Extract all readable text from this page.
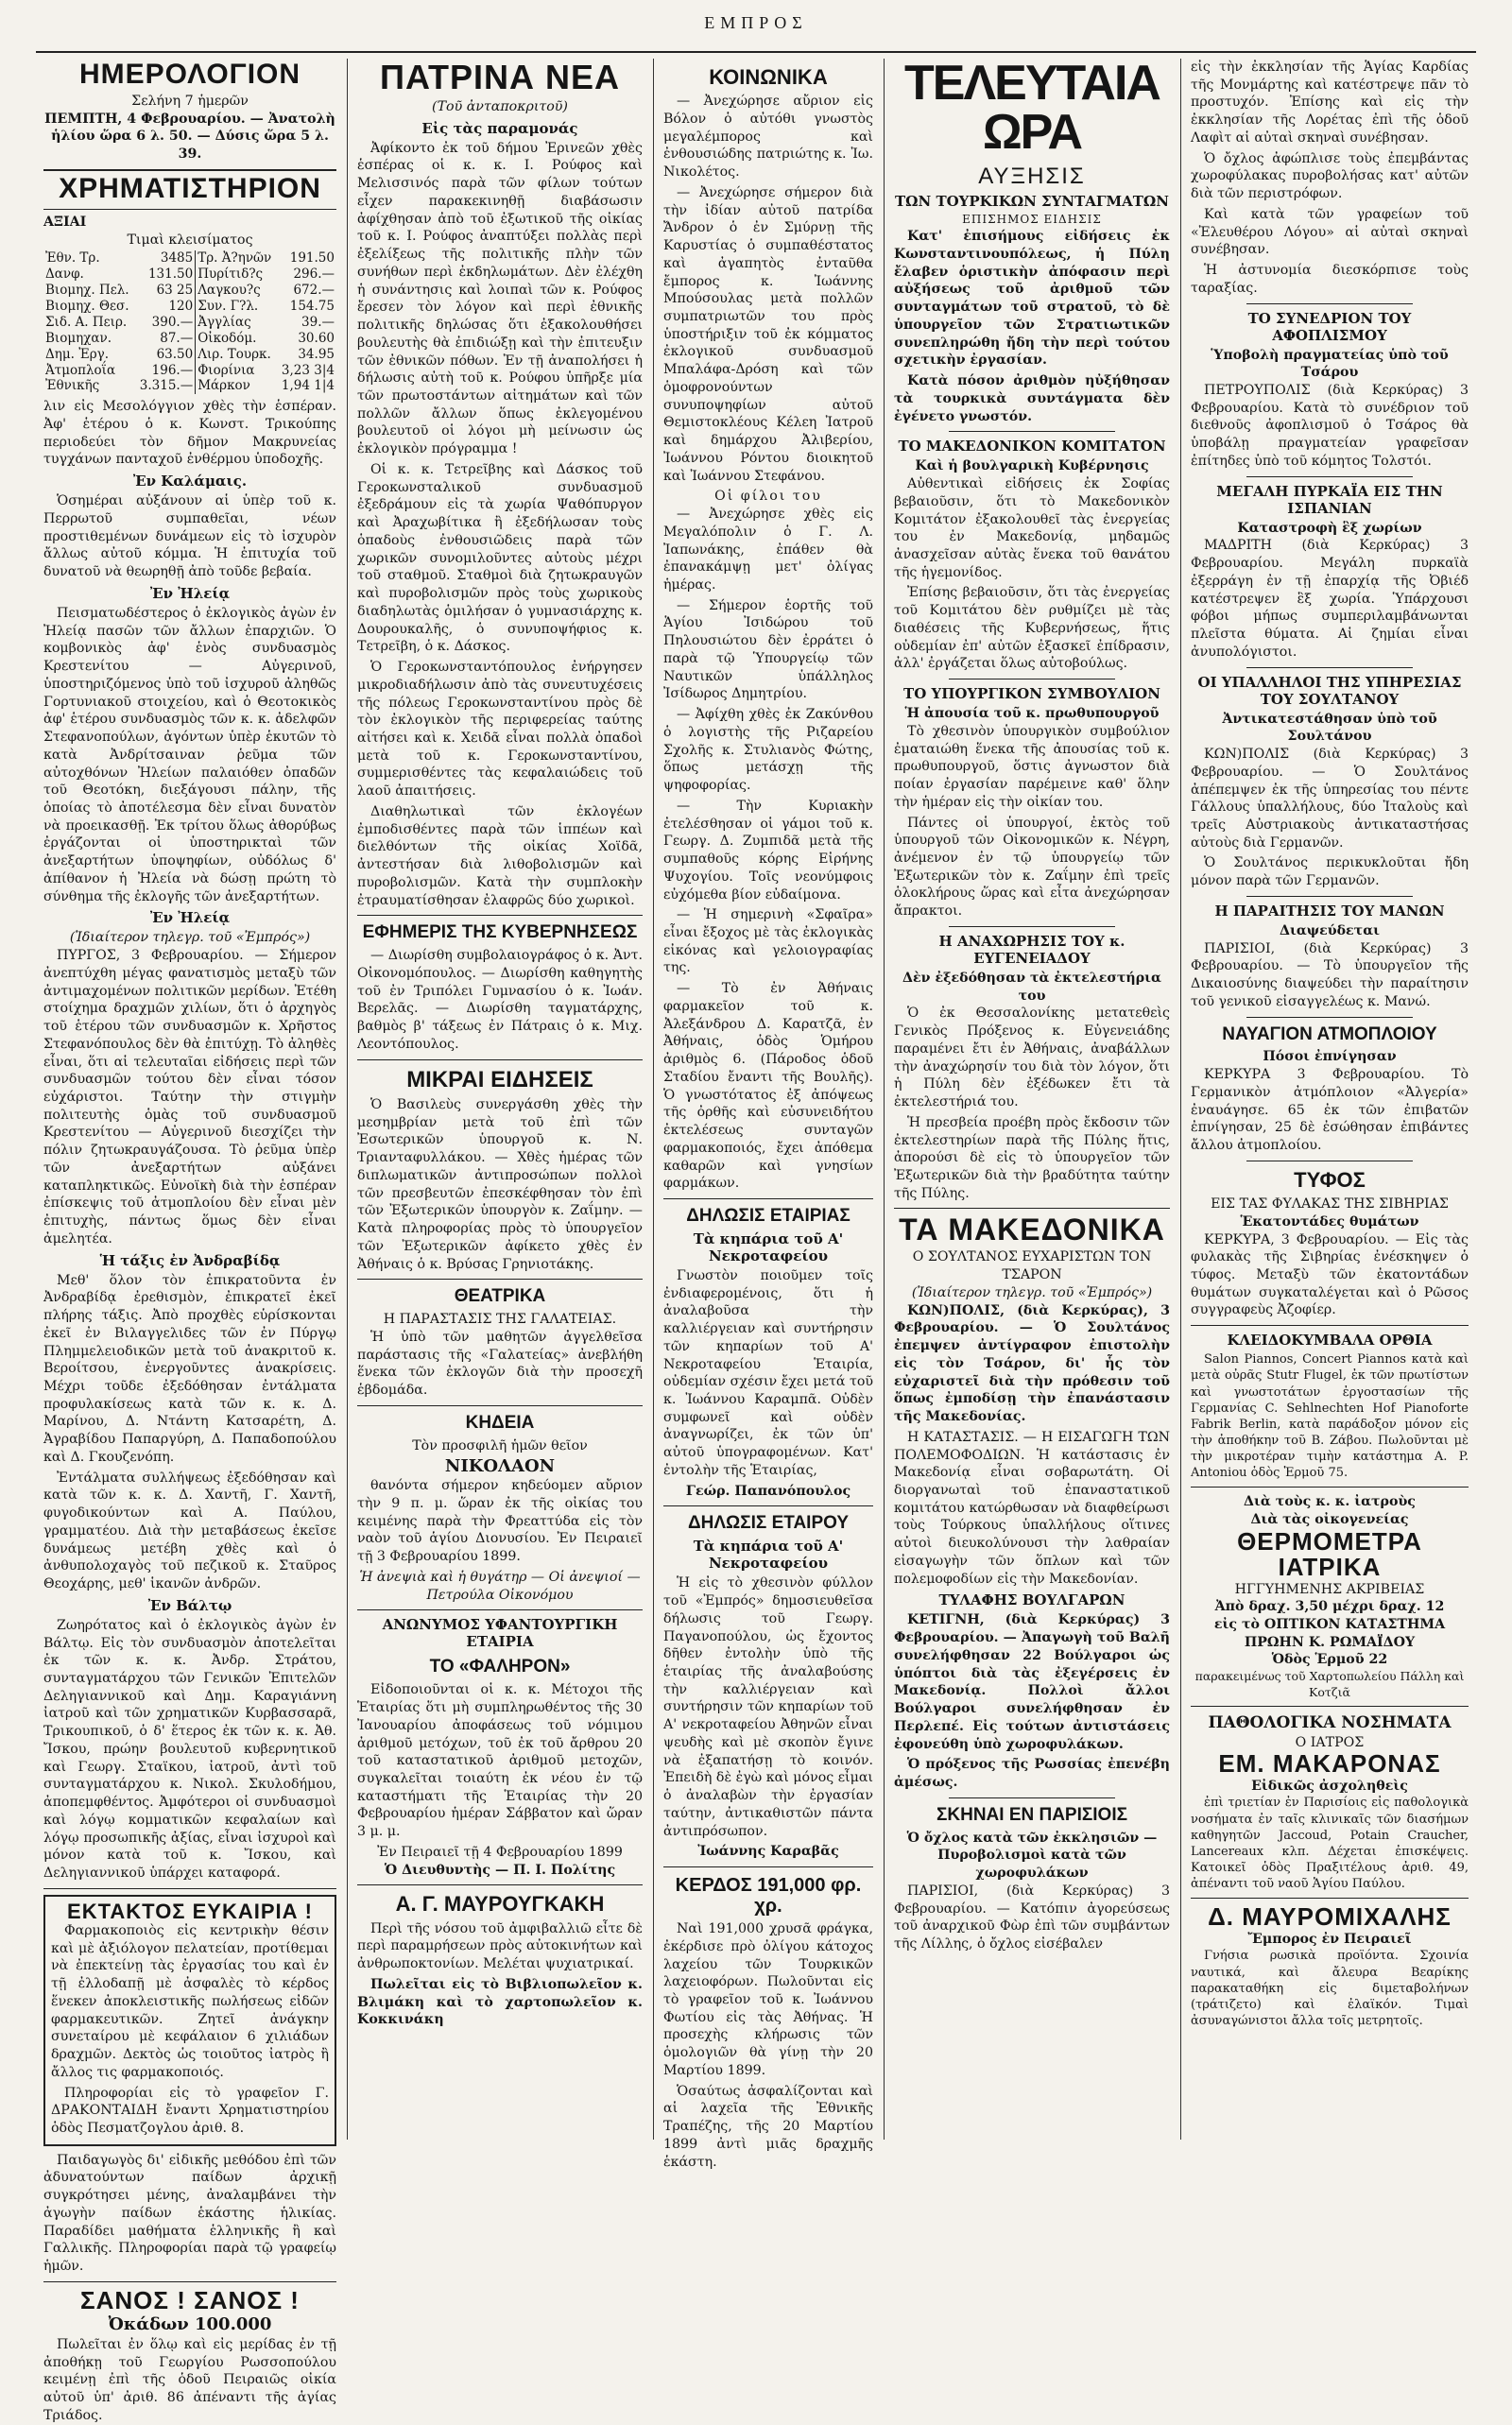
ΕΜΠΡΟΣ
ΗΜΕΡΟΛΟΓΙΟΝ
Σελήνη 7 ἡμερῶν
ΠΕΜΠΤΗ, 4 Φεβρουαρίου. — Ἀνατολὴ
ἡλίου ὥρα 6 λ. 50. — Δύσις ὥρα 5 λ. 39.
ΧΡΗΜΑΤΙΣΤΗΡΙΟΝ
ΑΞΙΑΙ
Τιμαὶ κλεισίματος
Ἐθν. Τρ.	3485	Τρ. Ἀ?ηνῶν	191.50
Δανφ.	131.50	Πυρίτιδ?ς	296.—
Βιομηχ. Πελ.	63 25	Λαγκου?ς	672.—
Βιομηχ. Θεσ.	120	Συν. Γ?λ.	154.75
Σιδ. Α. Πειρ.	390.—	Ἀγγλίας	39.—
Βιομηχαν.	87.—	Οἰκοδόμ.	30.60
Δημ. Ἐργ.	63.50	Λιρ. Τουρκ.	34.95
Ἀτμοπλοΐα	196.—	Φιορίνια	3,23 3|4
Ἐθνικῆς	3.315.—	Μάρκον	1,94 1|4

λιν εἰς Μεσολόγγιον χθὲς τὴν ἑσπέραν. Ἀφ' ἑτέρου ὁ κ. Κωνστ. Τρικούπης περιοδεύει τὸν δῆμον Μακρυνείας τυγχάνων πανταχοῦ ἐνθέρμου ὑποδοχῆς.

Ἐν Καλάμαις.

Ὁσημέραι αὐξάνουν αἱ ὑπὲρ τοῦ κ. Περρωτοῦ συμπαθεῖαι, νέων προστιθεμένων δυνάμεων εἰς τὸ ἰσχυρὸν ἄλλως αὐτοῦ κόμμα. Ἡ ἐπιτυχία τοῦ δυνατοῦ νὰ θεωρηθῇ ἀπὸ τοῦδε βεβαία.

Ἐν Ἠλείᾳ

Πεισματωδέστερος ὁ ἐκλογικὸς ἀγὼν ἐν Ἠλείᾳ πασῶν τῶν ἄλλων ἐπαρχιῶν. Ὁ κομβονικὸς ἀφ' ἑνὸς συνδυασμὸς Κρεστενίτου — Αὐγερινοῦ, ὑποστηριζόμενος ὑπὸ τοῦ ἰσχυροῦ ἀληθῶς Γορτυνιακοῦ στοιχείου, καὶ ὁ Θεοτοκικὸς ἀφ' ἑτέρου συνδυασμὸς τῶν κ. κ. ἀδελφῶν Στεφανοπούλων, ἀγόντων ὑπὲρ ἑκυτῶν τὸ κατὰ Ἀνδρίτσαιναν ῥεῦμα τῶν αὐτοχθόνων Ἠλείων παλαιόθεν ὀπαδῶν τοῦ Θεοτόκη, διεξάγουσι πάλην, τῆς ὁποίας τὸ ἀποτέλεσμα δὲν εἶναι δυνατὸν νὰ προεικασθῇ. Ἐκ τρίτου ὅλως ἀθορύβως ἐργάζονται οἱ ὑποστηρικταὶ τῶν ἀνεξαρτήτων ὑποψηφίων, οὐδόλως δ' ἀπίθανον ἡ Ἠλεία νὰ δώσῃ πρώτη τὸ σύνθημα τῆς ἐκλογῆς τῶν ἀνεξαρτήτων.

Ἐν Ἠλείᾳ
(Ἰδιαίτερον τηλεγρ. τοῦ «Ἐμπρός»)

ΠΥΡΓΟΣ, 3 Φεβρουαρίου. — Σήμερον ἀνεπτύχθη μέγας φανατισμὸς μεταξὺ τῶν ἀντιμαχομένων πολιτικῶν μερίδων. Ἐτέθη στοίχημα δραχμῶν χιλίων, ὅτι ὁ ἀρχηγὸς τοῦ ἑτέρου τῶν συνδυασμῶν κ. Χρῆστος Στεφανόπουλος δὲν θὰ ἐπιτύχῃ. Τὸ ἀληθὲς εἶναι, ὅτι αἱ τελευταῖαι εἰδήσεις περὶ τῶν συνδυασμῶν τούτου δὲν εἶναι τόσον εὐχάριστοι. Ταύτην τὴν στιγμὴν πολιτευτὴς ὁμὰς τοῦ συνδυασμοῦ Κρεστενίτου — Αὐγερινοῦ διεσχίζει τὴν πόλιν ζητωκραυγάζουσα. Τὸ ῥεῦμα ὑπὲρ τῶν ἀνεξαρτήτων αὐξάνει καταπληκτικῶς. Εὐνοϊκὴ διὰ τὴν ἑσπέραν ἐπίσκεψις τοῦ ἀτμοπλοίου δὲν εἶναι μὲν ἐπιτυχὴς, πάντως ὅμως δὲν εἶναι ἀμελητέα.

Ἡ τάξις ἐν Ἀνδραβίδᾳ

Μεθ' ὅλον τὸν ἐπικρατοῦντα ἐν Ἀνδραβίδᾳ ἐρεθισμὸν, ἐπικρατεῖ ἐκεῖ πλήρης τάξις. Ἀπὸ προχθὲς εὑρίσκονται ἐκεῖ ἐν Βιλαγγελιδες τῶν ἐν Πύργῳ Πλημμελειοδικῶν μετὰ τοῦ ἀνακριτοῦ κ. Βεροίτσου, ἐνεργοῦντες ἀνακρίσεις. Μέχρι τοῦδε ἐξεδόθησαν ἐντάλματα προφυλακίσεως κατὰ τῶν κ. κ. Δ. Μαρίνου, Δ. Ντάντη Κατσαρέτη, Δ. Ἀγραβίδου Παπαργύρη, Δ. Παπαδοπούλου καὶ Δ. Γκουζενόπη.

Ἐντάλματα συλλήψεως ἐξεδόθησαν καὶ κατὰ τῶν κ. κ. Δ. Χαντῆ, Γ. Χαντῆ, φυγοδικούντων καὶ Α. Παύλου, γραμματέου. Διὰ τὴν μεταβάσεως ἐκεῖσε δυνάμεως μετέβη χθὲς καὶ ὁ ἀνθυπολοχαγὸς τοῦ πεζικοῦ κ. Σταῦρος Θεοχάρης, μεθ' ἱκανῶν ἀνδρῶν.

Ἐν Βάλτῳ

Ζωηρότατος καὶ ὁ ἐκλογικὸς ἀγὼν ἐν Βάλτῳ. Εἰς τὸν συνδυασμὸν ἀποτελεῖται ἐκ τῶν κ. κ. Ἀνδρ. Στράτου, συνταγματάρχου τῶν Γενικῶν Ἐπιτελῶν Δεληγιαννικοῦ καὶ Δημ. Καραγιάννη ἰατροῦ καὶ τῶν χρηματικῶν Κυρβασσαρᾶ, Τρικουπικοῦ, ὁ δ' ἕτερος ἐκ τῶν κ. κ. Ἀθ. Ἴσκου, πρώην βουλευτοῦ κυβερνητικοῦ καὶ Γεωργ. Σταϊκου, ἰατροῦ, ἀντὶ τοῦ συνταγματάρχου κ. Νικολ. Σκυλοδήμου, ἀποπεμφθέντος. Ἀμφότεροι οἱ συνδυασμοὶ καὶ λόγῳ κομματικῶν κεφαλαίων καὶ λόγῳ προσωπικῆς ἀξίας, εἶναι ἰσχυροὶ καὶ μόνον κατὰ τοῦ κ. Ἴσκου, καὶ Δεληγιαννικοῦ ὑπάρχει καταφορά.

ΕΚΤΑΚΤΟΣ ΕΥΚΑΙΡΙΑ !

Φαρμακοποιὸς εἰς κεντρικὴν θέσιν καὶ μὲ ἀξιόλογον πελατείαν, προτίθεμαι νὰ ἐπεκτείνῃ τὰς ἐργασίας του καὶ ἐν τῇ ἐλλοδαπῇ μὲ ἀσφαλὲς τὸ κέρδος ἕνεκεν ἀποκλειστικῆς πωλήσεως εἰδῶν φαρμακευτικῶν. Ζητεῖ ἀνάγκην συνεταίρου μὲ κεφάλαιον 6 χιλιάδων δραχμῶν. Δεκτὸς ὡς τοιοῦτος ἰατρὸς ἢ ἄλλος τις φαρμακοποιός.

Πληροφορίαι εἰς τὸ γραφεῖον Γ. ΔΡΑΚΟΝΤΑΙΔΗ ἔναντι Χρηματιστηρίου ὁδὸς Πεσματζογλου ἀριθ. 8.

Παιδαγωγὸς δι' εἰδικῆς μεθόδου ἐπὶ τῶν ἀδυνατούντων παίδων ἀρχικῇ συγκρότησει μένης, ἀναλαμβάνει τὴν ἀγωγὴν παίδων ἑκάστης ἡλικίας. Παραδίδει μαθήματα ἑλληνικῆς ἢ καὶ Γαλλικῆς. Πληροφορίαι παρὰ τῷ γραφείῳ ἡμῶν.

ΣΑΝΟΣ ! ΣΑΝΟΣ !
Ὀκάδων 100.000

Πωλεῖται ἐν ὅλῳ καὶ εἰς μερίδας ἐν τῇ ἀποθήκῃ τοῦ Γεωργίου Ρωσσοπούλου κειμένῃ ἐπὶ τῆς ὁδοῦ Πειραιῶς οἰκία αὐτοῦ ὑπ' ἀριθ. 86 ἀπέναντι τῆς ἁγίας Τριάδος.

ΠΑΤΡΙΝΑ ΝΕΑ
(Τοῦ ἀνταποκριτοῦ)
Εἰς τὰς παραμονάς

Ἀφίκοντο ἐκ τοῦ δήμου Ἐρινεῶν χθὲς ἑσπέρας οἱ κ. κ. Ι. Ρούφος καὶ Μελισσινός παρὰ τῶν φίλων τούτων εἶχεν παρακεκινηθῇ διαβάσωσιν ἀφίχθησαν ἀπὸ τοῦ ἐξωτικοῦ τῆς οἰκίας τοῦ κ. Ι. Ρούφος ἀναπτύξει πολλὰς περὶ ἐξελίξεως τῆς πολιτικῆς πλὴν τῶν συνήθων περὶ ἐκδηλωμάτων. Δὲν ἐλέχθη ἡ συνάντησις καὶ λοιπαὶ τῶν κ. Ρούφος ἔρεσεν τὸν λόγον καὶ περὶ ἐθνικῆς πολιτικῆς δηλώσας ὅτι ἐξακολουθήσει βουλευτὴς θὰ ἐπιδιώξῃ καὶ τὴν ἐπιτευξιν τῶν ἐθνικῶν πόθων. Ἐν τῇ ἀναπολήσει ἡ δήλωσις αὐτὴ τοῦ κ. Ρούφου ὑπῆρξε μία τῶν πρωτοστάντων αἰτημάτων καὶ τῶν πολλῶν ἄλλων ὅπως ἐκλεγομένου βουλευτοῦ οἱ λόγοι μὴ μείνωσιν ὡς ἐκλογικὸν πρόγραμμα !

Οἱ κ. κ. Τετρεῖβης καὶ Δάσκος τοῦ Γεροκωνσταλικοῦ συνδυασμοῦ ἐξεδράμουν εἰς τὰ χωρία Ψαθόπυργον καὶ Ἀραχωβίτικα ἢ ἐξεδήλωσαν τοὺς ὁπαδοὺς ἐνθουσιῶδεις παρὰ τῶν χωρικῶν συνομιλοῦντες αὐτοὺς μέχρι τοῦ σταθμοῦ. Σταθμοὶ διὰ ζητωκραυγῶν καὶ πυροβολισμῶν πρὸς τοὺς χωρικοὺς διαδηλωτὰς ὁμιλήσαν ὁ γυμνασιάρχης κ. Δουρουκαλῆς, ὁ συνυποψήφιος κ. Τετρεῖβη, ὁ κ. Δάσκος.

Ὁ Γεροκωνσταντόπουλος ἐνήργησεν μικροδιαδήλωσιν ἀπὸ τὰς συνευτυχέσεις τῆς πόλεως Γεροκωνσταντίνου πρὸς δὲ τὸν ἐκλογικὸν τῆς περιφερείας ταύτης αἰτήσει καὶ κ. Χειδᾶ εἶναι πολλὰ ὀπαδοὶ μετὰ τοῦ κ. Γεροκωνσταντίνου, συμμερισθέντες τὰς κεφαλαιώδεις τοῦ λαοῦ ἀπαιτήσεις.

Διαθηλωτικαὶ τῶν ἐκλογέων ἐμποδισθέντες παρὰ τῶν ἱππέων καὶ διελθόντων τῆς οἰκίας Χοϊδᾶ, ἀντεστήσαν διὰ λιθοβολισμῶν καὶ πυροβολισμῶν. Κατὰ τὴν συμπλοκὴν ἐτραυματίσθησαν ἐλαφρῶς δύο χωρικοὶ.

ΕΦΗΜΕΡΙΣ ΤΗΣ ΚΥΒΕΡΝΗΣΕΩΣ

— Διωρίσθη συμβολαιογράφος ὁ κ. Ἀντ. Οἰκονομόπουλος. — Διωρίσθη καθηγητὴς τοῦ ἐν Τριπόλει Γυμνασίου ὁ κ. Ἰωάν. Βερελᾶς. — Διωρίσθη ταγματάρχης, βαθμὸς β' τάξεως ἐν Πάτραις ὁ κ. Μιχ. Λεοντόπουλος.

ΜΙΚΡΑΙ ΕΙΔΗΣΕΙΣ

Ὁ Βασιλεὺς συνεργάσθη χθὲς τὴν μεσημβρίαν μετὰ τοῦ ἐπὶ τῶν Ἐσωτερικῶν ὑπουργοῦ κ. Ν. Τριανταφυλλάκου. — Χθὲς ἡμέρας τῶν διπλωματικῶν ἀντιπροσώπων πολλοὶ τῶν πρεσβευτῶν ἐπεσκέφθησαν τὸν ἐπὶ τῶν Ἐξωτερικῶν ὑπουργὸν κ. Ζαΐμην. — Κατὰ πληροφορίας πρὸς τὸ ὑπουργεῖον τῶν Ἐξωτερικῶν ἀφίκετο χθὲς ἐν Ἀθήναις ὁ κ. Βρύσας Γρηνιοτάκης.

ΘΕΑΤΡΙΚΑ
Η ΠΑΡΑΣΤΑΣΙΣ ΤΗΣ ΓΑΛΑΤΕΙΑΣ.

Ἡ ὑπὸ τῶν μαθητῶν ἀγγελθεῖσα παράστασις τῆς «Γαλατείας» ἀνεβλήθη ἕνεκα τῶν ἐκλογῶν διὰ τὴν προσεχῆ ἑβδομάδα.

ΚΗΔΕΙΑ
Τὸν προσφιλῆ ἡμῶν θεῖον
ΝΙΚΟΛΑΟΝ

θανόντα σήμερον κηδεύομεν αὔριον τὴν 9 π. μ. ὥραν ἐκ τῆς οἰκίας του κειμένης παρὰ τὴν Φρεαττύδα εἰς τὸν ναὸν τοῦ ἁγίου Διονυσίου. Ἐν Πειραιεῖ τῇ 3 Φεβρουαρίου 1899.

Ἡ ἀνεψιὰ καὶ ἡ θυγάτηρ — Οἱ ἀνεψιοί — Πετρούλα Οἰκονόμου
ΑΝΩΝΥΜΟΣ ΥΦΑΝΤΟΥΡΓΙΚΗ ΕΤΑΙΡΙΑ
ΤΟ «ΦΑΛΗΡΟΝ»

Εἰδοποιοῦνται οἱ κ. κ. Μέτοχοι τῆς Ἑταιρίας ὅτι μὴ συμπληρωθέντος τῆς 30 Ἰανουαρίου ἀποφάσεως τοῦ νόμιμου ἀριθμοῦ μετόχων, τοῦ ἐκ τοῦ ἄρθρου 20 τοῦ καταστατικοῦ ἀριθμοῦ μετοχῶν, συγκαλεῖται τοιαύτη ἐκ νέου ἐν τῷ καταστήματι τῆς Ἑταιρίας τὴν 20 Φεβρουαρίου ἡμέραν Σάββατον καὶ ὥραν 3 μ. μ.

Ἐν Πειραιεῖ τῇ 4 Φεβρουαρίου 1899
Ὁ Διευθυντὴς — Π. Ι. Πολίτης
Α. Γ. ΜΑΥΡΟΥΓΚΑΚΗ

Περὶ τῆς νόσου τοῦ ἀμφιβαλλιῶ εἶτε δὲ περὶ παραμρήσεων πρὸς αὐτοκινήτων καὶ ἀνθρωποκτονίων. Μελέται ψυχιατρικαί.

Πωλεῖται εἰς τὸ Βιβλιοπωλεῖον κ. Βλιμάκη καὶ τὸ χαρτοπωλεῖον κ. Κοκκινάκη

ΚΟΙΝΩΝΙΚΑ

— Ἀνεχώρησε αὔριον εἰς Βόλον ὁ αὐτόθι γνωστὸς μεγαλέμπορος καὶ ἐνθουσιώδης πατριώτης κ. Ἰω. Νικολέτος.

— Ἀνεχώρησε σήμερον διὰ τὴν ἰδίαν αὐτοῦ πατρίδα Ἄνδρον ὁ ἐν Σμύρνῃ τῆς Καρυστίας ὁ συμπαθέστατος καὶ ἀγαπητὸς ἐνταῦθα ἔμπορος κ. Ἰωάννης Μπούσουλας μετὰ πολλῶν συμπατριωτῶν του πρὸς ὑποστήριξιν τοῦ ἐκ κόμματος ἐκλογικοῦ συνδυασμοῦ Μπαλάφα-Δρόση καὶ τῶν ὁμοφρονούντων συνυποψηφίων αὐτοῦ Θεμιστοκλέους Κέλεη Ἰατροῦ καὶ δημάρχου Ἀλιβερίου, Ἰωάννου Ρόντου διοικητοῦ καὶ Ἰωάννου Στεφάνου.

Οἱ φίλοι του

— Ἀνεχώρησε χθὲς εἰς Μεγαλόπολιν ὁ Γ. Λ. Ἰαπωνάκης, ἐπάθεν θὰ ἐπανακάμψῃ μετ' ὀλίγας ἡμέρας.

— Σήμερον ἑορτῆς τοῦ Ἁγίου Ἰσιδώρου τοῦ Πηλουσιώτου δὲν ἐρράτει ὁ παρὰ τῷ Ὑπουργείῳ τῶν Ναυτικῶν ὑπάλληλος Ἰσίδωρος Δημητρίου.

— Ἀφίχθη χθὲς ἐκ Ζακύνθου ὁ λογιστὴς τῆς Ριζαρείου Σχολῆς κ. Στυλιανὸς Φώτης, ὅπως μετάσχῃ τῆς ψηφοφορίας.

— Τὴν Κυριακὴν ἐτελέσθησαν οἱ γάμοι τοῦ κ. Γεωργ. Δ. Ζυμπιδᾶ μετὰ τῆς συμπαθοῦς κόρης Εἰρήνης Ψυχογίου. Τοῖς νεονύμφοις εὐχόμεθα βίον εὐδαίμονα.

— Ἡ σημερινὴ «Σφαῖρα» εἶναι ἔξοχος μὲ τὰς ἐκλογικὰς εἰκόνας καὶ γελοιογραφίας της.

— Τὸ ἐν Ἀθήναις φαρμακεῖον τοῦ κ. Ἀλεξάνδρου Δ. Καρατζᾶ, ἐν Ἀθήναις, ὁδὸς Ὁμήρου ἀριθμὸς 6. (Πάροδος ὁδοῦ Σταδίου ἔναντι τῆς Βουλῆς). Ὁ γνωστότατος ἐξ ἀπόψεως τῆς ὀρθῆς καὶ εὐσυνειδήτου ἐκτελέσεως συνταγῶν φαρμακοποιός, ἔχει ἀπόθεμα καθαρῶν καὶ γνησίων φαρμάκων.

ΔΗΛΩΣΙΣ ΕΤΑΙΡΙΑΣ
Τὰ κηπάρια τοῦ Α' Νεκροταφείου

Γνωστὸν ποιοῦμεν τοῖς ἐνδιαφερομένοις, ὅτι ἡ ἀναλαβοῦσα τὴν καλλιέργειαν καὶ συντήρησιν τῶν κηπαρίων τοῦ Α' Νεκροταφείου Ἑταιρία, οὐδεμίαν σχέσιν ἔχει μετά τοῦ κ. Ἰωάννου Καραμπᾶ. Οὐδὲν συμφωνεῖ καὶ οὐδὲν ἀναγνωρίζει, ἐκ τῶν ὑπ' αὐτοῦ ὑπογραφομένων. Κατ' ἐντολὴν τῆς Ἑταιρίας,

Γεώρ. Παπανόπουλος
ΔΗΛΩΣΙΣ ΕΤΑΙΡΟΥ
Τὰ κηπάρια τοῦ Α' Νεκροταφείου

Ἡ εἰς τὸ χθεσινὸν φύλλον τοῦ «Ἐμπρός» δημοσιευθεῖσα δήλωσις τοῦ Γεωργ. Παγανοπούλου, ὡς ἔχοντος δῆθεν ἐντολὴν ὑπὸ τῆς ἑταιρίας τῆς ἀναλαβούσης τὴν καλλιέργειαν καὶ συντήρησιν τῶν κηπαρίων τοῦ Α' νεκροταφείου Ἀθηνῶν εἶναι ψευδὴς καὶ μὲ σκοπὸν ἔγινε νὰ ἐξαπατήσῃ τὸ κοινόν. Ἐπειδὴ δὲ ἐγὼ καὶ μόνος εἶμαι ὁ ἀναλαβὼν τὴν ἐργασίαν ταύτην, ἀντικαθιστῶν πάντα ἀντιπρόσωπον.

Ἰωάννης Καραβᾶς
ΚΕΡΔΟΣ 191,000 φρ. χρ.

Ναὶ 191,000 χρυσᾶ φράγκα, ἐκέρδισε πρὸ ὀλίγου κάτοχος λαχείου τῶν Τουρκικῶν λαχειοφόρων. Πωλοῦνται εἰς τὸ γραφεῖον τοῦ κ. Ἰωάννου Φωτίου εἰς τὰς Ἀθήνας. Ἡ προσεχὴς κλήρωσις τῶν ὁμολογιῶν θὰ γίνῃ τὴν 20 Μαρτίου 1899.

Ὁσαύτως ἀσφαλίζονται καὶ αἱ λαχεῖα τῆς Ἐθνικῆς Τραπέζης, τῆς 20 Μαρτίου 1899 ἀντὶ μιᾶς δραχμῆς ἑκάστη.

ΤΕΛΕΥΤΑΙΑ ΩΡΑ
ΑΥΞΗΣΙΣ
ΤΩΝ ΤΟΥΡΚΙΚΩΝ ΣΥΝΤΑΓΜΑΤΩΝ
ΕΠΙΣΗΜΟΣ ΕΙΔΗΣΙΣ

Κατ' ἐπισήμους εἰδήσεις ἐκ Κωνσταντινουπόλεως, ἡ Πύλη ἔλαβεν ὁριστικὴν ἀπόφασιν περὶ αὐξήσεως τοῦ ἀριθμοῦ τῶν συνταγμάτων τοῦ στρατοῦ, τὸ δὲ ὑπουργεῖον τῶν Στρατιωτικῶν συνεπληρώθη ἤδη τὴν περὶ τούτου σχετικὴν ἐργασίαν.

Κατὰ πόσον ἀριθμὸν ηὐξήθησαν τὰ τουρκικὰ συντάγματα δὲν ἐγένετο γνωστόν.

ΤΟ ΜΑΚΕΔΟΝΙΚΟΝ ΚΟΜΙΤΑΤΟΝ
Καὶ ἡ βουλγαρικὴ Κυβέρνησις

Αὐθεντικαὶ εἰδήσεις ἐκ Σοφίας βεβαιοῦσιν, ὅτι τὸ Μακεδονικὸν Κομιτάτον ἐξακολουθεῖ τὰς ἐνεργείας του ἐν Μακεδονίᾳ, μηδαμῶς ἀνασχεῖσαν αὐτὰς ἕνεκα τοῦ θανάτου τῆς ἡγεμονίδος.

Ἐπίσης βεβαιοῦσιν, ὅτι τὰς ἐνεργείας τοῦ Κομιτάτου δὲν ρυθμίζει μὲ τὰς διαθέσεις τῆς Κυβερνήσεως, ἥτις οὐδεμίαν ἐπ' αὐτῶν ἐξασκεῖ ἐπίδρασιν, ἀλλ' ἐργάζεται ὅλως αὐτοβούλως.

ΤΟ ΥΠΟΥΡΓΙΚΟΝ ΣΥΜΒΟΥΛΙΟΝ
Ἡ ἀπουσία τοῦ κ. πρωθυπουργοῦ

Τὸ χθεσινὸν ὑπουργικὸν συμβούλιον ἐματαιώθη ἕνεκα τῆς ἀπουσίας τοῦ κ. πρωθυπουργοῦ, ὅστις ἀγνωστον διὰ ποίαν ἐργασίαν παρέμεινε καθ' ὅλην τὴν ἡμέραν εἰς τὴν οἰκίαν του.

Πάντες οἱ ὑπουργοί, ἐκτὸς τοῦ ὑπουργοῦ τῶν Οἰκονομικῶν κ. Νέγρη, ἀνέμενον ἐν τῷ ὑπουργείῳ τῶν Ἐξωτερικῶν τὸν κ. Ζαΐμην ἐπὶ τρεῖς ὁλοκλήρους ὥρας καὶ εἶτα ἀνεχώρησαν ἄπρακτοι.

Η ΑΝΑΧΩΡΗΣΙΣ ΤΟΥ κ. ΕΥΓΕΝΕΙΑΔΟΥ
Δὲν ἐξεδόθησαν τὰ ἐκτελεστήρια του

Ὁ ἐκ Θεσσαλονίκης μετατεθεὶς Γενικὸς Πρόξενος κ. Εὐγενειάδης παραμένει ἔτι ἐν Ἀθήναις, ἀναβάλλων τὴν ἀναχώρησίν του διὰ τὸν λόγον, ὅτι ἡ Πύλη δὲν ἐξέδωκεν ἔτι τὰ ἐκτελεστήριά του.

Ἡ πρεσβεία προέβη πρὸς ἔκδοσιν τῶν ἐκτελεστηρίων παρὰ τῆς Πύλης ἥτις, ἀπορούσι δὲ εἰς τὸ ὑπουργεῖον τῶν Ἐξωτερικῶν διὰ τὴν βραδύτητα ταύτην τῆς Πύλης.

ΤΑ ΜΑΚΕΔΟΝΙΚΑ
Ο ΣΟΥΛΤΑΝΟΣ ΕΥΧΑΡΙΣΤΩΝ ΤΟΝ ΤΣΑΡΟΝ
(Ἰδιαίτερον τηλεγρ. τοῦ «Ἐμπρός»)

ΚΩΝ)ΠΟΛΙΣ, (διὰ Κερκύρας), 3 Φεβρουαρίου. — Ὁ Σουλτάνος ἐπεμψεν ἀντίγραφον ἐπιστολὴν εἰς τὸν Τσάρον, δι' ἧς τὸν εὐχαριστεῖ διὰ τὴν πρόθεσιν τοῦ ὅπως ἐμποδίσῃ τὴν ἐπανάστασιν τῆς Μακεδονίας.

Η ΚΑΤΑΣΤΑΣΙΣ. — Η ΕΙΣΑΓΩΓΗ ΤΩΝ ΠΟΛΕΜΟΦΟΔΙΩΝ. Ἡ κατάστασις ἐν Μακεδονίᾳ εἶναι σοβαρωτάτη. Οἱ διοργανωταὶ τοῦ ἐπαναστατικοῦ κομιτάτου κατώρθωσαν νὰ διαφθείρωσι τοὺς Τούρκους ὑπαλλήλους οἵτινες αὐτοὶ διευκολύνουσι τὴν λαθραίαν εἰσαγωγὴν τῶν ὅπλων καὶ τῶν πολεμοφοδίων εἰς τὴν Μακεδονίαν.

ΤΥΛΑΦΗΣ ΒΟΥΛΓΑΡΩΝ

ΚΕΤΙΓΝΗ, (διὰ Κερκύρας) 3 Φεβρουαρίου. — Ἀπαγωγὴ τοῦ Βαλῆ συνελήφθησαν 22 Βούλγαροι ὡς ὑπόπτοι διὰ τὰς ἐξεγέρσεις ἐν Μακεδονίᾳ. Πολλοὶ ἄλλοι Βούλγαροι συνελήφθησαν ἐν Περλεπέ. Εἰς τούτων ἀντιστάσεις ἐφονεύθη ὑπὸ χωροφυλάκων.

Ὁ πρόξενος τῆς Ρωσσίας ἐπενέβη ἀμέσως.

ΣΚΗΝΑΙ ΕΝ ΠΑΡΙΣΙΟΙΣ
Ὁ ὄχλος κατὰ τῶν ἐκκλησιῶν — Πυροβολισμοὶ κατὰ τῶν χωροφυλάκων

ΠΑΡΙΣΙΟΙ, (διὰ Κερκύρας) 3 Φεβρουαρίου. — Κατόπιν ἀγορεύσεως τοῦ ἀναρχικοῦ Φὼρ ἐπὶ τῶν συμβάντων τῆς Λίλλης, ὁ ὄχλος εἰσέβαλεν

εἰς τὴν ἐκκλησίαν τῆς Ἁγίας Καρδίας τῆς Μονμάρτης καὶ κατέστρεψε πᾶν τὸ προστυχόν. Ἐπίσης καὶ εἰς τὴν ἐκκλησίαν τῆς Λορέτας ἐπὶ τῆς ὁδοῦ Λαφὶτ αἱ αὐταὶ σκηναὶ συνέβησαν.

Ὁ ὄχλος ἀφώπλισε τοὺς ἐπεμβάντας χωροφύλακας πυροβολήσας κατ' αὐτῶν διὰ τῶν περιστρόφων.

Καὶ κατὰ τῶν γραφείων τοῦ «Ἐλευθέρου Λόγου» αἱ αὐταὶ σκηναὶ συνέβησαν.

Ἡ ἀστυνομία διεσκόρπισε τοὺς ταραξίας.

ΤΟ ΣΥΝΕΔΡΙΟΝ ΤΟΥ ΑΦΟΠΛΙΣΜΟΥ
Ὑποβολὴ πραγματείας ὑπὸ τοῦ Τσάρου

ΠΕΤΡΟΥΠΟΛΙΣ (διὰ Κερκύρας) 3 Φεβρουαρίου. Κατὰ τὸ συνέδριον τοῦ διεθνοῦς ἀφοπλισμοῦ ὁ Τσάρος θὰ ὑποβάλῃ πραγματείαν γραφεῖσαν ἐπίτηδες ὑπὸ τοῦ κόμητος Τολστόι.

ΜΕΓΑΛΗ ΠΥΡΚΑΪΑ ΕΙΣ ΤΗΝ ΙΣΠΑΝΙΑΝ
Καταστροφὴ ἓξ χωρίων

ΜΑΔΡΙΤΗ (διὰ Κερκύρας) 3 Φεβρουαρίου. Μεγάλη πυρκαϊὰ ἐξερράγη ἐν τῇ ἐπαρχίᾳ τῆς Ὀβιέδ κατέστρεψεν ἓξ χωρία. Ὑπάρχουσι φόβοι μήπως συμπεριλαμβάνωνται πλεῖστα θύματα. Αἱ ζημίαι εἶναι ἀνυπολόγιστοι.

ΟΙ ΥΠΑΛΛΗΛΟΙ ΤΗΣ ΥΠΗΡΕΣΙΑΣ ΤΟΥ ΣΟΥΛΤΑΝΟΥ
Ἀντικατεστάθησαν ὑπὸ τοῦ Σουλτάνου

ΚΩΝ)ΠΟΛΙΣ (διὰ Κερκύρας) 3 Φεβρουαρίου. — Ὁ Σουλτάνος ἀπέπεμψεν ἐκ τῆς ὑπηρεσίας του πέντε Γάλλους ὑπαλλήλους, δύο Ἰταλοὺς καὶ τρεῖς Αὐστριακοὺς ἀντικαταστήσας αὐτοὺς διὰ Γερμανῶν.

Ὁ Σουλτάνος περικυκλοῦται ἤδη μόνον παρὰ τῶν Γερμανῶν.

Η ΠΑΡΑΙΤΗΣΙΣ ΤΟΥ ΜΑΝΩΝ
Διαψεύδεται

ΠΑΡΙΣΙΟΙ, (διὰ Κερκύρας) 3 Φεβρουαρίου. — Τὸ ὑπουργεῖον τῆς Δικαιοσύνης διαψεύδει τὴν παραίτησιν τοῦ γενικοῦ εἰσαγγελέως κ. Μανώ.

ΝΑΥΑΓΙΟΝ ΑΤΜΟΠΛΟΙΟΥ
Πόσοι ἐπνίγησαν

ΚΕΡΚΥΡΑ 3 Φεβρουαρίου. Τὸ Γερμανικὸν ἀτμόπλοιον «Ἀλγερία» ἐναυάγησε. 65 ἐκ τῶν ἐπιβατῶν ἐπνίγησαν, 25 δὲ ἐσώθησαν ἐπιβάντες ἄλλου ἀτμοπλοίου.

ΤΥΦΟΣ
ΕΙΣ ΤΑΣ ΦΥΛΑΚΑΣ ΤΗΣ ΣΙΒΗΡΙΑΣ
Ἑκατοντάδες θυμάτων

ΚΕΡΚΥΡΑ, 3 Φεβρουαρίου. — Εἰς τὰς φυλακὰς τῆς Σιβηρίας ἐνέσκηψεν ὁ τύφος. Μεταξὺ τῶν ἐκατοντάδων θυμάτων συγκαταλέγεται καὶ ὁ Ρῶσος συγγραφεὺς Ἀζοφίερ.

ΚΛΕΙΔΟΚΥΜΒΑΛΑ ΟΡΘΙΑ

Salon Piannos, Concert Piannos κατὰ καὶ μετὰ οὐρᾶς Stutr Flugel, ἐκ τῶν πρωτίστων καὶ γνωστοτάτων ἐργοστασίων τῆς Γερμανίας C. Sehlnechten Hof Pianoforte Fabrik Berlin, κατὰ παράδοξον μόνον εἰς τὴν ἀποθήκην τοῦ Β. Ζάβου. Πωλοῦνται μὲ τὴν μικροτέραν τιμὴν κατάστημα Α. P. Antoniou ὁδὸς Ἑρμοῦ 75.

Διὰ τοὺς κ. κ. ἰατροὺς
Διὰ τὰς οἰκογενείας
ΘΕΡΜΟΜΕΤΡΑ ΙΑΤΡΙΚΑ
ΗΓΓΥΗΜΕΝΗΣ ΑΚΡΙΒΕΙΑΣ
Ἀπὸ δραχ. 3,50 μέχρι δραχ. 12
εἰς τὸ ΟΠΤΙΚΟΝ ΚΑΤΑΣΤΗΜΑ
ΠΡΩΗΝ Κ. ΡΩΜΑΪΔΟΥ
Ὁδὸς Ἑρμοῦ 22
παρακειμένως τοῦ Χαρτοπωλείου Πάλλη καὶ Κοτζιᾶ
ΠΑΘΟΛΟΓΙΚΑ ΝΟΣΗΜΑΤΑ
Ο ΙΑΤΡΟΣ
ΕΜ. ΜΑΚΑΡΟΝΑΣ
Εἰδικῶς ἀσχοληθεὶς

ἐπὶ τριετίαν ἐν Παρισίοις εἰς παθολογικὰ νοσήματα ἐν ταῖς κλινικαῖς τῶν διασήμων καθηγητῶν Jaccoud, Potain Craucher, Lancereaux κλπ. Δέχεται ἐπισκέψεις. Κατοικεῖ ὁδὸς Πραξιτέλους ἀριθ. 49, ἀπέναντι τοῦ ναοῦ Ἁγίου Παύλου.

Δ. ΜΑΥΡΟΜΙΧΑΛΗΣ
Ἔμπορος ἐν Πειραιεῖ

Γνήσια ρωσικὰ προϊόντα. Σχοινία ναυτικά, καὶ ἄλευρα Βεαρίκης παρακαταθήκη εἰς διμεταβολήνων (τράτιζετο) καὶ ἐλαϊκόν. Τιμαὶ ἀσυναγώνιστοι ἄλλα τοῖς μετρητοῖς.
